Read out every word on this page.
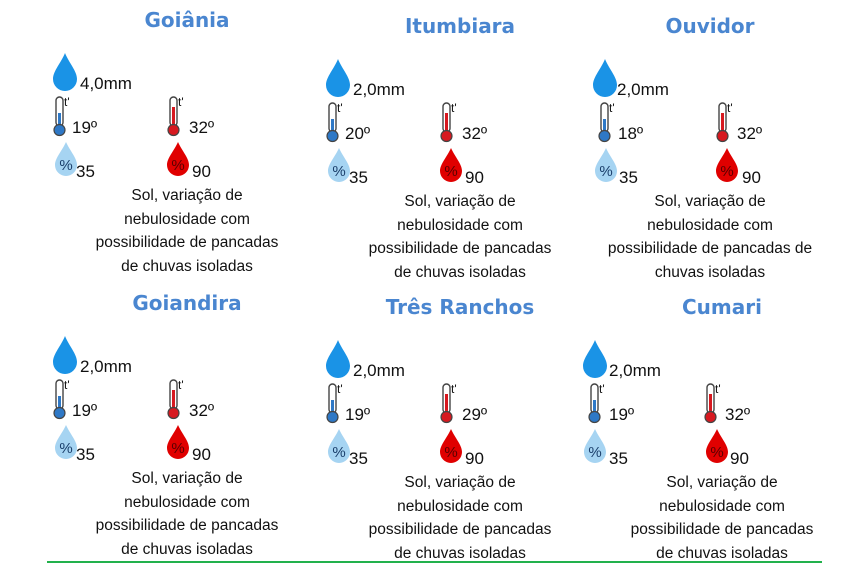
Goiânia
4,0mm
t'
19º
t'
32º
% 35	% 90
Sol, variação de
nebulosidade com
possibilidade de pancadas
de chuvas isoladas
Itumbiara
2,0mm
t'
20º
t'
32º
% 35	% 90
Sol, variação de
nebulosidade com
possibilidade de pancadas
de chuvas isoladas
Ouvidor
2,0mm
t'
18º
t'
32º
% 35	% 90
Sol, variação de
nebulosidade com
possibilidade de pancadas de
chuvas isoladas
Goiandira
2,0mm
t'
19º
t'
32º
% 35	% 90
Sol, variação de
nebulosidade com
possibilidade de pancadas
de chuvas isoladas
Três Ranchos
2,0mm
t'
19º
t'
29º
% 35	% 90
Sol, variação de
nebulosidade com
possibilidade de pancadas
de chuvas isoladas
Cumari
2,0mm
t'
19º
t'
32º
% 35	% 90
Sol, variação de
nebulosidade com
possibilidade de pancadas
de chuvas isoladas
